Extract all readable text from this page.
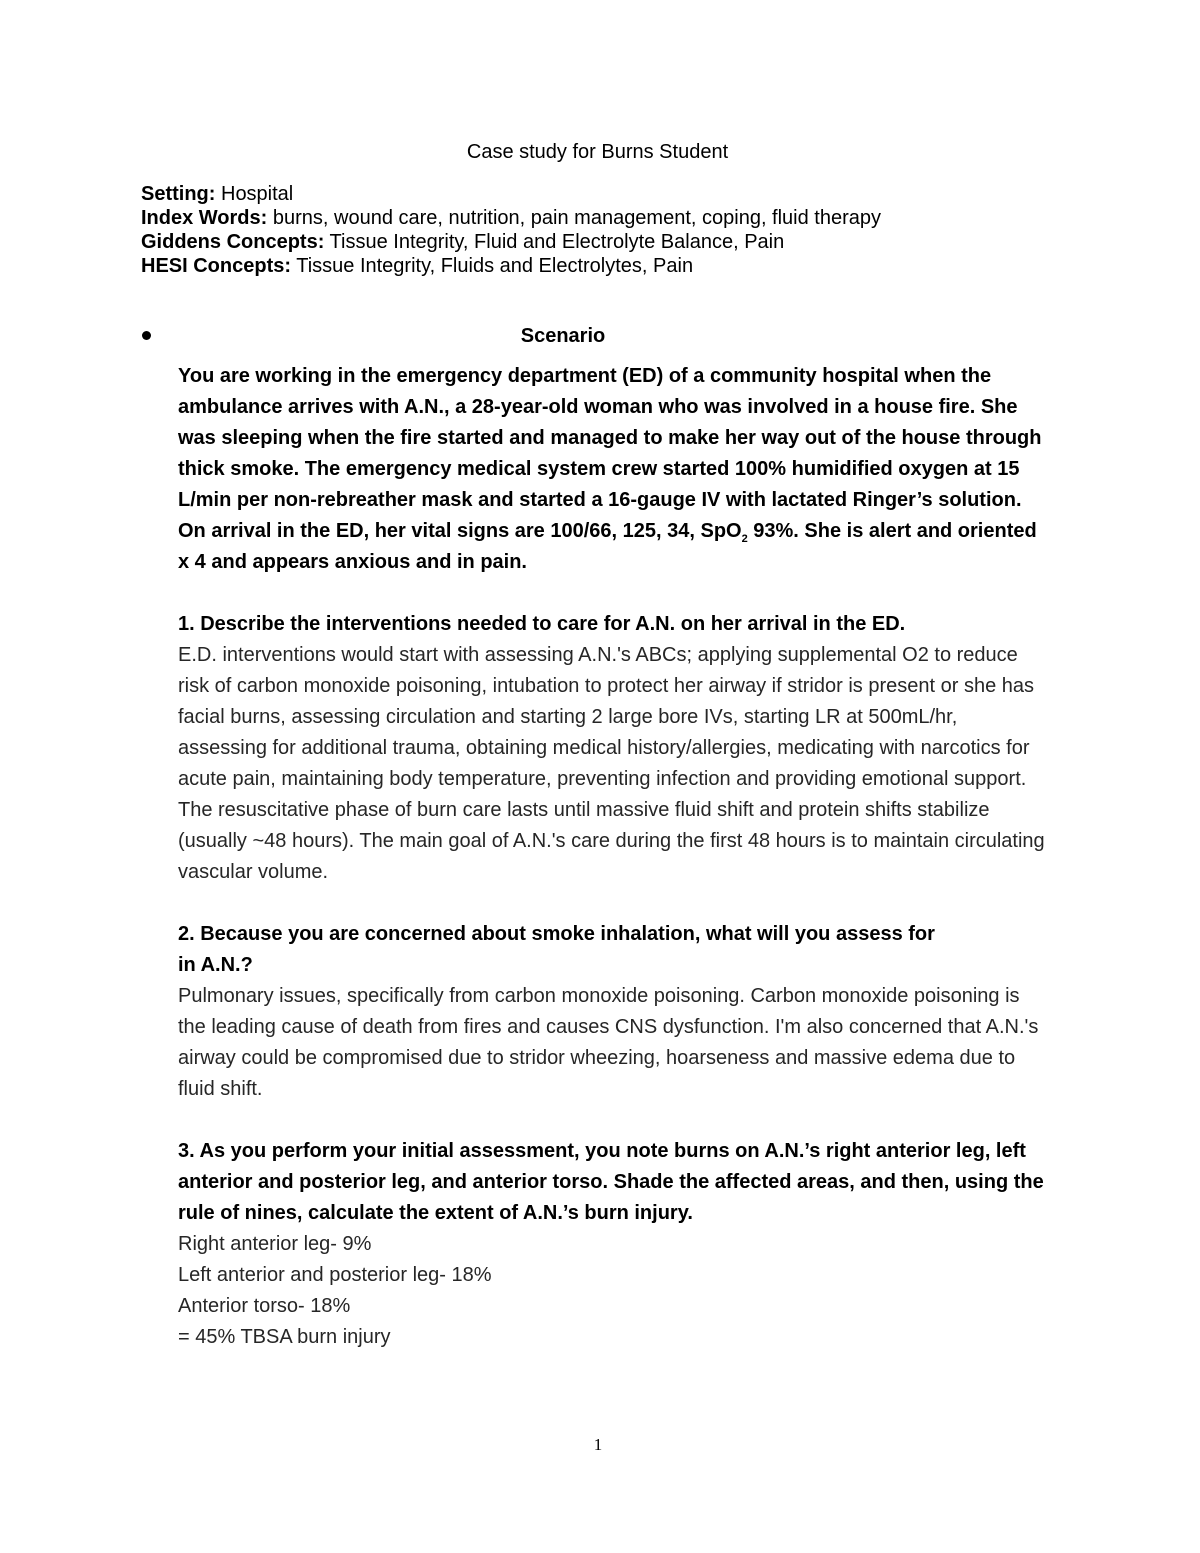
Case study for Burns Student
Setting: Hospital
Index Words: burns, wound care, nutrition, pain management, coping, fluid therapy
Giddens Concepts: Tissue Integrity, Fluid and Electrolyte Balance, Pain
HESI Concepts: Tissue Integrity, Fluids and Electrolytes, Pain
Scenario

You are working in the emergency department (ED) of a community hospital when the ambulance arrives with A.N., a 28-year-old woman who was involved in a house fire. She was sleeping when the fire started and managed to make her way out of the house through thick smoke. The emergency medical system crew started 100% humidified oxygen at 15 L/min per non-rebreather mask and started a 16-gauge IV with lactated Ringer’s solution. On arrival in the ED, her vital signs are 100/66, 125, 34, SpO$_2$ 93%. She is alert and oriented x 4 and appears anxious and in pain.

1. Describe the interventions needed to care for A.N. on her arrival in the ED.
E.D. interventions would start with assessing A.N.'s ABCs; applying supplemental O2 to reduce risk of carbon monoxide poisoning, intubation to protect her airway if stridor is present or she has facial burns, assessing circulation and starting 2 large bore IVs, starting LR at 500mL/hr, assessing for additional trauma, obtaining medical history/allergies, medicating with narcotics for acute pain, maintaining body temperature, preventing infection and providing emotional support. The resuscitative phase of burn care lasts until massive fluid shift and protein shifts stabilize (usually ~48 hours). The main goal of A.N.'s care during the first 48 hours is to maintain circulating vascular volume.
2. Because you are concerned about smoke inhalation, what will you assess for
in A.N.?
Pulmonary issues, specifically from carbon monoxide poisoning. Carbon monoxide poisoning is the leading cause of death from fires and causes CNS dysfunction. I'm also concerned that A.N.'s airway could be compromised due to stridor wheezing, hoarseness and massive edema due to fluid shift.
3. As you perform your initial assessment, you note burns on A.N.’s right anterior leg, left anterior and posterior leg, and anterior torso. Shade the affected areas, and then, using the rule of nines, calculate the extent of A.N.’s burn injury.
Right anterior leg- 9%
Left anterior and posterior leg- 18%
Anterior torso- 18%
= 45% TBSA burn injury
1
